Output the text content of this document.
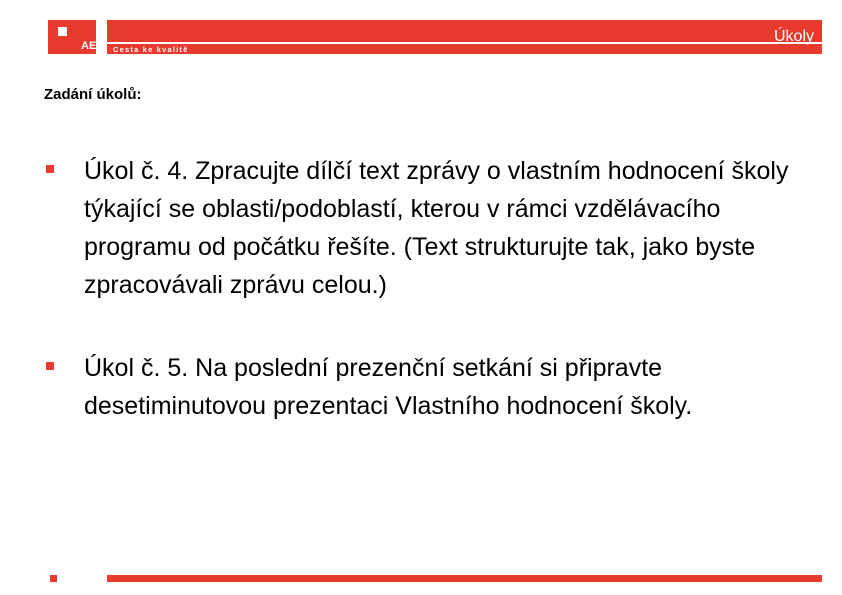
AE Cesta ke kvalitě
Úkoly
Zadání úkolů:
Úkol č. 4. Zpracujte dílčí text zprávy o vlastním hodnocení školy týkající se oblasti/podoblastí, kterou v rámci vzdělávacího programu od počátku řešíte. (Text strukturujte tak, jako byste zpracovávali zprávu celou.)
Úkol č. 5. Na poslední prezenční setkání si připravte desetiminutovou prezentaci Vlastního hodnocení školy.
